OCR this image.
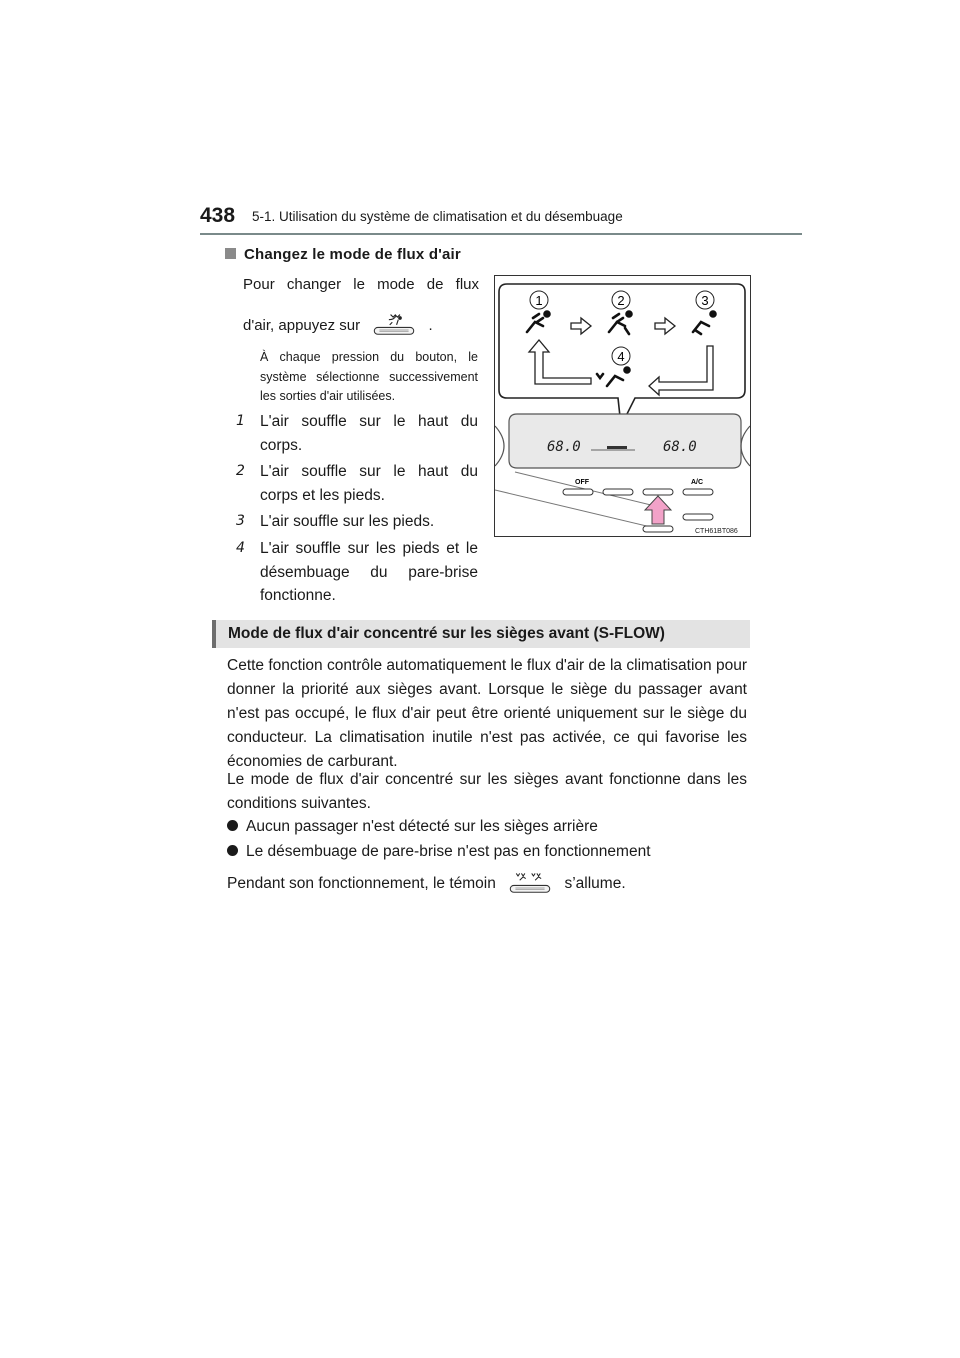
438 5-1. Utilisation du système de climatisation et du désembuage
Changez le mode de flux d'air
Pour changer le mode de flux
d'air, appuyez sur	.
À chaque pression du bouton, le système sélectionne successivement les sorties d'air utilisées.
1 L'air souffle sur le haut du corps.
2 L'air souffle sur le haut du corps et les pieds.
3 L'air souffle sur les pieds.
4 L'air souffle sur les pieds et le désembuage du pare-brise fonctionne.
1	2	3
4
68.0	68.0
OFF	A/C
CTH61BT086
Mode de flux d'air concentré sur les sièges avant (S-FLOW)
Cette fonction contrôle automatiquement le flux d'air de la climatisation pour donner la priorité aux sièges avant. Lorsque le siège du passager avant n'est pas occupé, le flux d'air peut être orienté uniquement sur le siège du conducteur. La climatisation inutile n'est pas activée, ce qui favorise les économies de carburant.
Le mode de flux d'air concentré sur les sièges avant fonctionne dans les conditions suivantes.
Aucun passager n'est détecté sur les sièges arrière
Le désembuage de pare-brise n'est pas en fonctionnement
Pendant son fonctionnement, le témoin	s’allume.
